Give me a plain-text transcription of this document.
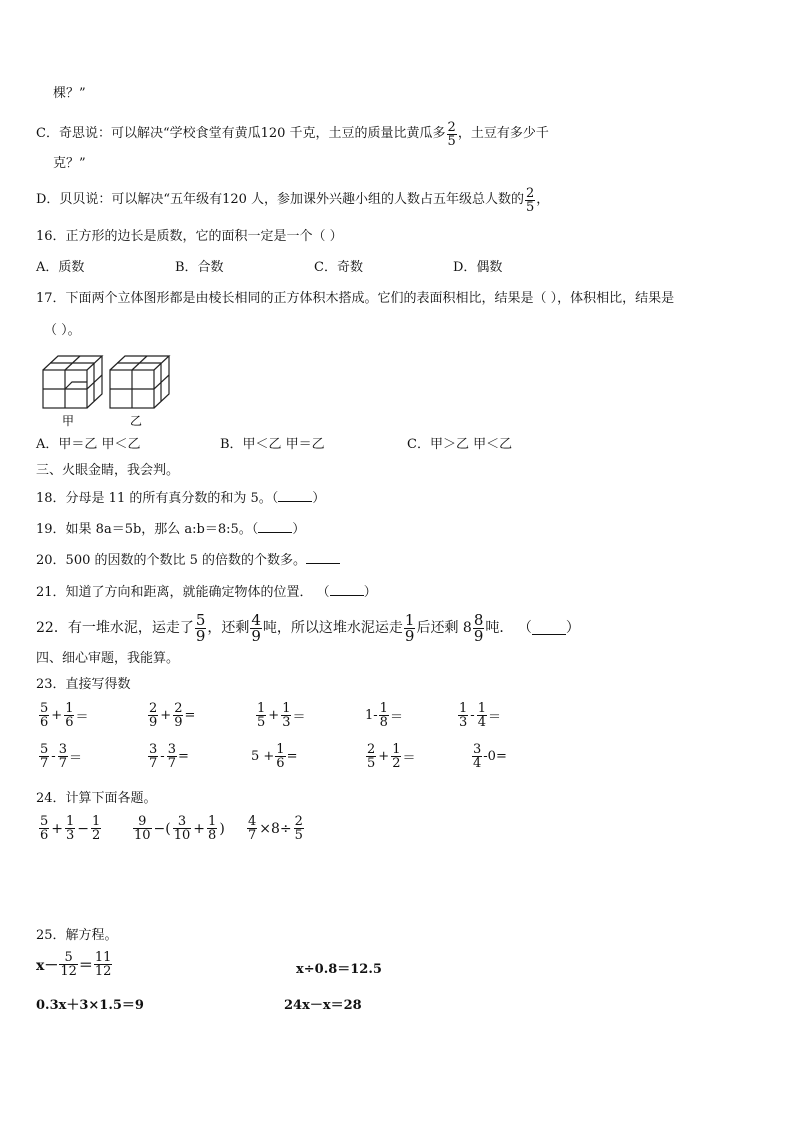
棵？”
C．奇思说：可以解决“学校食堂有黄瓜120 千克，土豆的质量比黄瓜多 $\frac{2}{5}$ ，土豆有多少千
克？”
D．贝贝说：可以解决“五年级有120 人，参加课外兴趣小组的人数占五年级总人数的 $\frac{2}{5}$ ，
16．正方形的边长是质数，它的面积一定是一个（ ）
A．质数	B．合数	C．奇数	D．偶数
17．下面两个立体图形都是由棱长相同的正方体积木搭成。它们的表面积相比，结果是（ ），体积相比，结果是
（ ）。
甲	乙
A．甲＝乙 甲＜乙	B．甲＜乙 甲＝乙	C．甲＞乙 甲＜乙
三、火眼金睛，我会判。
18．分母是 11 的所有真分数的和为 5。（	）
19．如果 8a＝5b，那么 a:b＝8:5。（	）
20．500 的因数的个数比 5 的倍数的个数多。
21．知道了方向和距离，就能确定物体的位置． （	）
22．有一堆水泥，运走了 $\frac{5}{9}$ ，还剩 $\frac{4}{9}$ 吨，所以这堆水泥运走 $\frac{1}{9}$ 后还剩 $8 \frac{8}{9}$ 吨． （ ）
四、细心审题，我能算。
23．直接写得数
$\frac{5}{6} + \frac{1}{6}$ ＝	$\frac{2}{9} + \frac{2}{9}$ =	$\frac{1}{5} + \frac{1}{3}$ ＝	$1- \frac{1}{8}$ ＝	$\frac{1}{3} - \frac{1}{4}$ ＝
$\frac{5}{7} - \frac{3}{7}$ ＝	$\frac{3}{7} - \frac{3}{7}$ =	$5 + \frac{1}{6}$ =	$\frac{2}{5} + \frac{1}{2}$ ＝	$\frac{3}{4} -0=$
24．计算下面各题。
$\frac{5}{6} + \frac{1}{3} - \frac{1}{2} \frac{9}{10}$ −( $\frac{3}{10} + \frac{1}{8}$ ) $\frac{4}{7} \times 8\div \frac{2}{5}$
25．解方程。
$x- \frac{5}{12} = \frac{11}{12}$	x÷0.8＝12.5
0.3x＋3×1.5＝9	24x－x＝28
